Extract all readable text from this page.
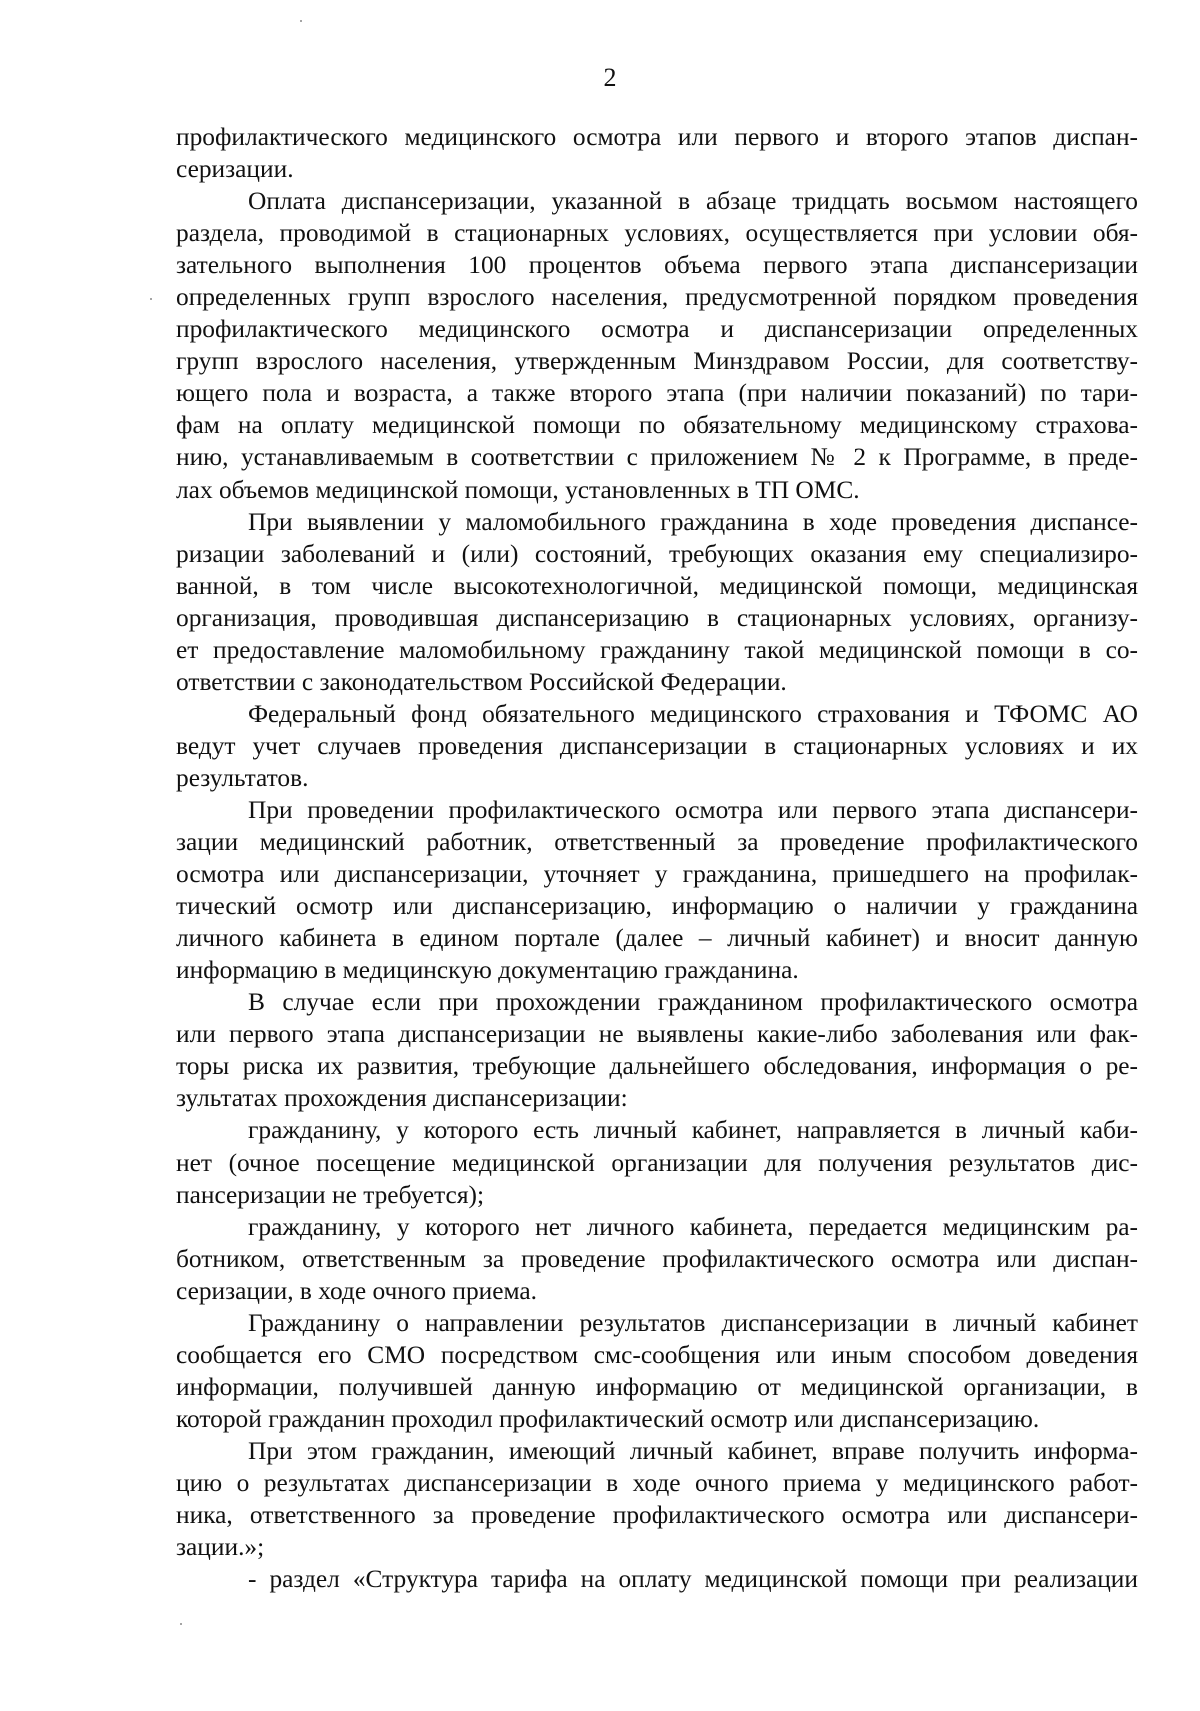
2
профилактического медицинского осмотра или первого и второго этапов диспан-
серизации.
Оплата диспансеризации, указанной в абзаце тридцать восьмом настоящего
раздела, проводимой в стационарных условиях, осуществляется при условии обя-
зательного выполнения 100 процентов объема первого этапа диспансеризации
определенных групп взрослого населения, предусмотренной порядком проведения
профилактического медицинского осмотра и диспансеризации определенных
групп взрослого населения, утвержденным Минздравом России, для соответству-
ющего пола и возраста, а также второго этапа (при наличии показаний) по тари-
фам на оплату медицинской помощи по обязательному медицинскому страхова-
нию, устанавливаемым в соответствии с приложением № 2 к Программе, в преде-
лах объемов медицинской помощи, установленных в ТП ОМС.
При выявлении у маломобильного гражданина в ходе проведения диспансе-
ризации заболеваний и (или) состояний, требующих оказания ему специализиро-
ванной, в том числе высокотехнологичной, медицинской помощи, медицинская
организация, проводившая диспансеризацию в стационарных условиях, организу-
ет предоставление маломобильному гражданину такой медицинской помощи в со-
ответствии с законодательством Российской Федерации.
Федеральный фонд обязательного медицинского страхования и ТФОМС АО
ведут учет случаев проведения диспансеризации в стационарных условиях и их
результатов.
При проведении профилактического осмотра или первого этапа диспансери-
зации медицинский работник, ответственный за проведение профилактического
осмотра или диспансеризации, уточняет у гражданина, пришедшего на профилак-
тический осмотр или диспансеризацию, информацию о наличии у гражданина
личного кабинета в едином портале (далее – личный кабинет) и вносит данную
информацию в медицинскую документацию гражданина.
В случае если при прохождении гражданином профилактического осмотра
или первого этапа диспансеризации не выявлены какие-либо заболевания или фак-
торы риска их развития, требующие дальнейшего обследования, информация о ре-
зультатах прохождения диспансеризации:
гражданину, у которого есть личный кабинет, направляется в личный каби-
нет (очное посещение медицинской организации для получения результатов дис-
пансеризации не требуется);
гражданину, у которого нет личного кабинета, передается медицинским ра-
ботником, ответственным за проведение профилактического осмотра или диспан-
серизации, в ходе очного приема.
Гражданину о направлении результатов диспансеризации в личный кабинет
сообщается его СМО посредством смс-сообщения или иным способом доведения
информации, получившей данную информацию от медицинской организации, в
которой гражданин проходил профилактический осмотр или диспансеризацию.
При этом гражданин, имеющий личный кабинет, вправе получить информа-
цию о результатах диспансеризации в ходе очного приема у медицинского работ-
ника, ответственного за проведение профилактического осмотра или диспансери-
зации.»;
- раздел «Структура тарифа на оплату медицинской помощи при реализации
